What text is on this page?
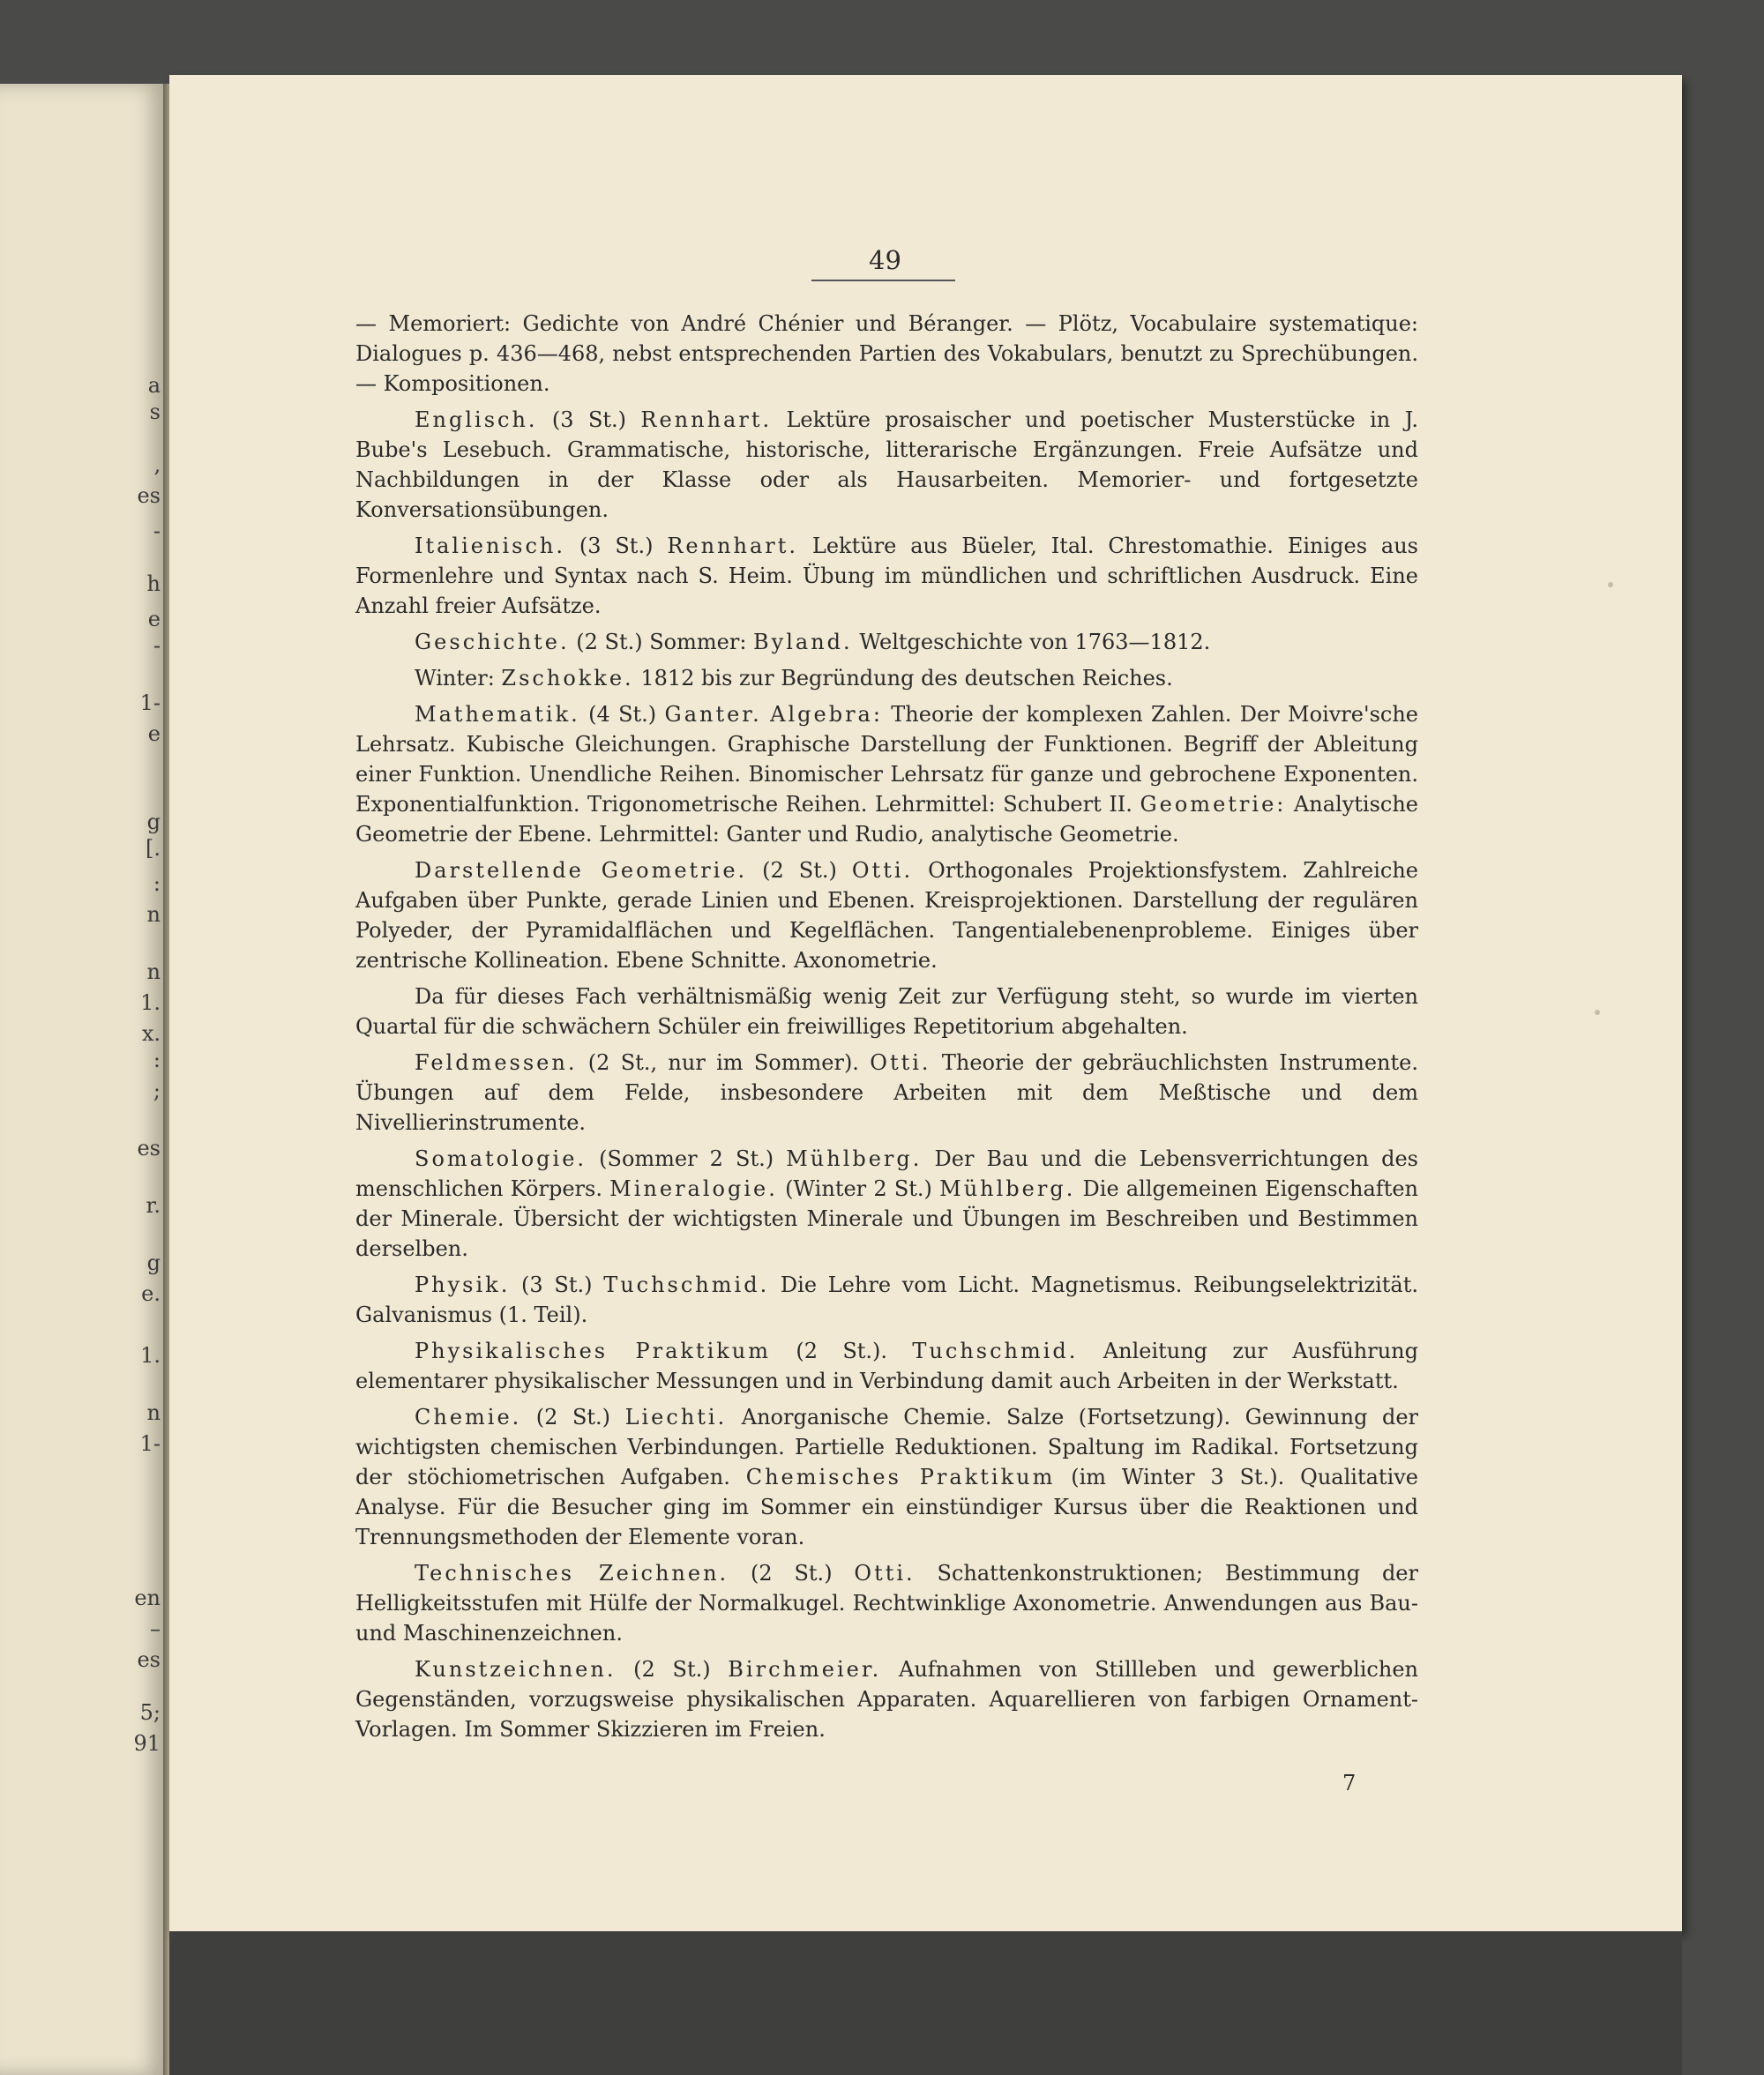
a
s
‚
es
-
h
e
-
1-
e
g
[.
:
n
n
1.
x.
:
;
es
r.
g
e.
1.
n
1-
en
–
es
5;
91
49

— Memoriert: Gedichte von André Chénier und Béranger. — Plötz, Vocabulaire systematique: Dialogues p. 436—468, nebst entsprechenden Partien des Vokabulars, benutzt zu Sprechübungen. — Kompositionen.

Englisch. (3 St.) Rennhart. Lektüre prosaischer und poetischer Musterstücke in J. Bube's Lesebuch. Grammatische, historische, litterarische Ergänzungen. Freie Aufsätze und Nachbildungen in der Klasse oder als Hausarbeiten. Memorier- und fortgesetzte Konversationsübungen.

Italienisch. (3 St.) Rennhart. Lektüre aus Büeler, Ital. Chrestomathie. Einiges aus Formenlehre und Syntax nach S. Heim. Übung im mündlichen und schriftlichen Ausdruck. Eine Anzahl freier Aufsätze.

Geschichte. (2 St.) Sommer: Byland. Weltgeschichte von 1763—1812.

Winter: Zschokke. 1812 bis zur Begründung des deutschen Reiches.

Mathematik. (4 St.) Ganter. Algebra: Theorie der komplexen Zahlen. Der Moivre'sche Lehrsatz. Kubische Gleichungen. Graphische Darstellung der Funktionen. Begriff der Ableitung einer Funktion. Unendliche Reihen. Binomischer Lehrsatz für ganze und gebrochene Exponenten. Exponentialfunktion. Trigonometrische Reihen. Lehrmittel: Schubert II. Geometrie: Analytische Geometrie der Ebene. Lehrmittel: Ganter und Rudio, analytische Geometrie.

Darstellende Geometrie. (2 St.) Otti. Orthogonales Projektionsfystem. Zahlreiche Aufgaben über Punkte, gerade Linien und Ebenen. Kreisprojektionen. Darstellung der regulären Polyeder, der Pyramidalflächen und Kegelflächen. Tangentialebenenprobleme. Einiges über zentrische Kollineation. Ebene Schnitte. Axonometrie.

Da für dieses Fach verhältnismäßig wenig Zeit zur Verfügung steht, so wurde im vierten Quartal für die schwächern Schüler ein freiwilliges Repetitorium abgehalten.

Feldmessen. (2 St., nur im Sommer). Otti. Theorie der gebräuchlichsten Instrumente. Übungen auf dem Felde, insbesondere Arbeiten mit dem Meßtische und dem Nivellierinstrumente.

Somatologie. (Sommer 2 St.) Mühlberg. Der Bau und die Lebensverrichtungen des menschlichen Körpers. Mineralogie. (Winter 2 St.) Mühlberg. Die allgemeinen Eigenschaften der Minerale. Übersicht der wichtigsten Minerale und Übungen im Beschreiben und Bestimmen derselben.

Physik. (3 St.) Tuchschmid. Die Lehre vom Licht. Magnetismus. Reibungselektrizität. Galvanismus (1. Teil).

Physikalisches Praktikum (2 St.). Tuchschmid. Anleitung zur Ausführung elementarer physikalischer Messungen und in Verbindung damit auch Arbeiten in der Werkstatt.

Chemie. (2 St.) Liechti. Anorganische Chemie. Salze (Fortsetzung). Gewinnung der wichtigsten chemischen Verbindungen. Partielle Reduktionen. Spaltung im Radikal. Fortsetzung der stöchiometrischen Aufgaben. Chemisches Praktikum (im Winter 3 St.). Qualitative Analyse. Für die Besucher ging im Sommer ein einstündiger Kursus über die Reaktionen und Trennungsmethoden der Elemente voran.

Technisches Zeichnen. (2 St.) Otti. Schattenkonstruktionen; Bestimmung der Helligkeitsstufen mit Hülfe der Normalkugel. Rechtwinklige Axonometrie. Anwendungen aus Bau- und Maschinenzeichnen.

Kunstzeichnen. (2 St.) Birchmeier. Aufnahmen von Stillleben und gewerblichen Gegenständen, vorzugsweise physikalischen Apparaten. Aquarellieren von farbigen Ornament-Vorlagen. Im Sommer Skizzieren im Freien.

7
